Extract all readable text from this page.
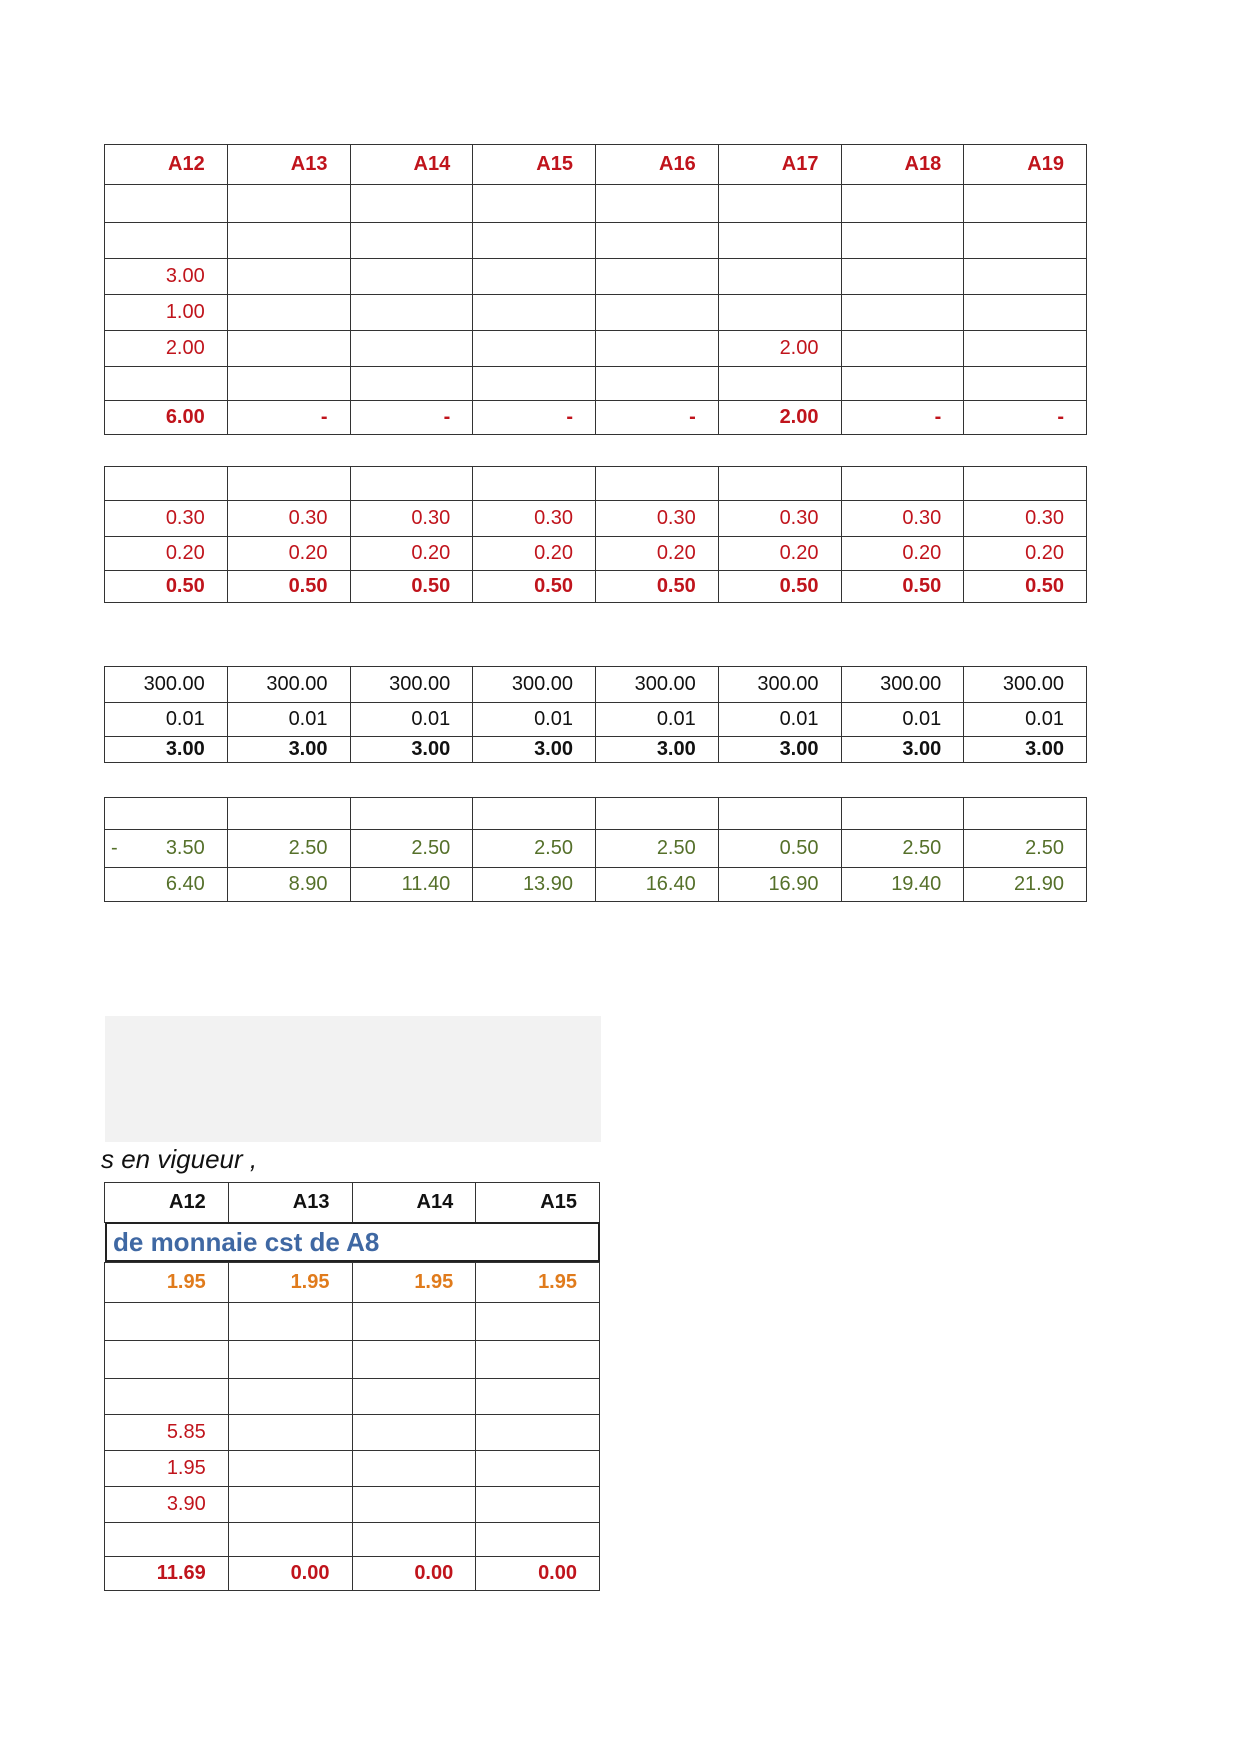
A12	A13	A14	A15	A16	A17	A18	A19

3.00							
1.00							
2.00					2.00		

6.00	-	-	-	-	2.00	-	-

0.30	0.30	0.30	0.30	0.30	0.30	0.30	0.30
0.20	0.20	0.20	0.20	0.20	0.20	0.20	0.20
0.50	0.50	0.50	0.50	0.50	0.50	0.50	0.50
300.00	300.00	300.00	300.00	300.00	300.00	300.00	300.00
0.01	0.01	0.01	0.01	0.01	0.01	0.01	0.01
3.00	3.00	3.00	3.00	3.00	3.00	3.00	3.00

- 3.50	2.50	2.50	2.50	2.50	0.50	2.50	2.50
6.40	8.90	11.40	13.90	16.40	16.90	19.40	21.90
s en vigueur ,
A12	A13	A14	A15
de monnaie cst de A8
1.95	1.95	1.95	1.95

5.85			
1.95			
3.90			

11.69	0.00	0.00	0.00
